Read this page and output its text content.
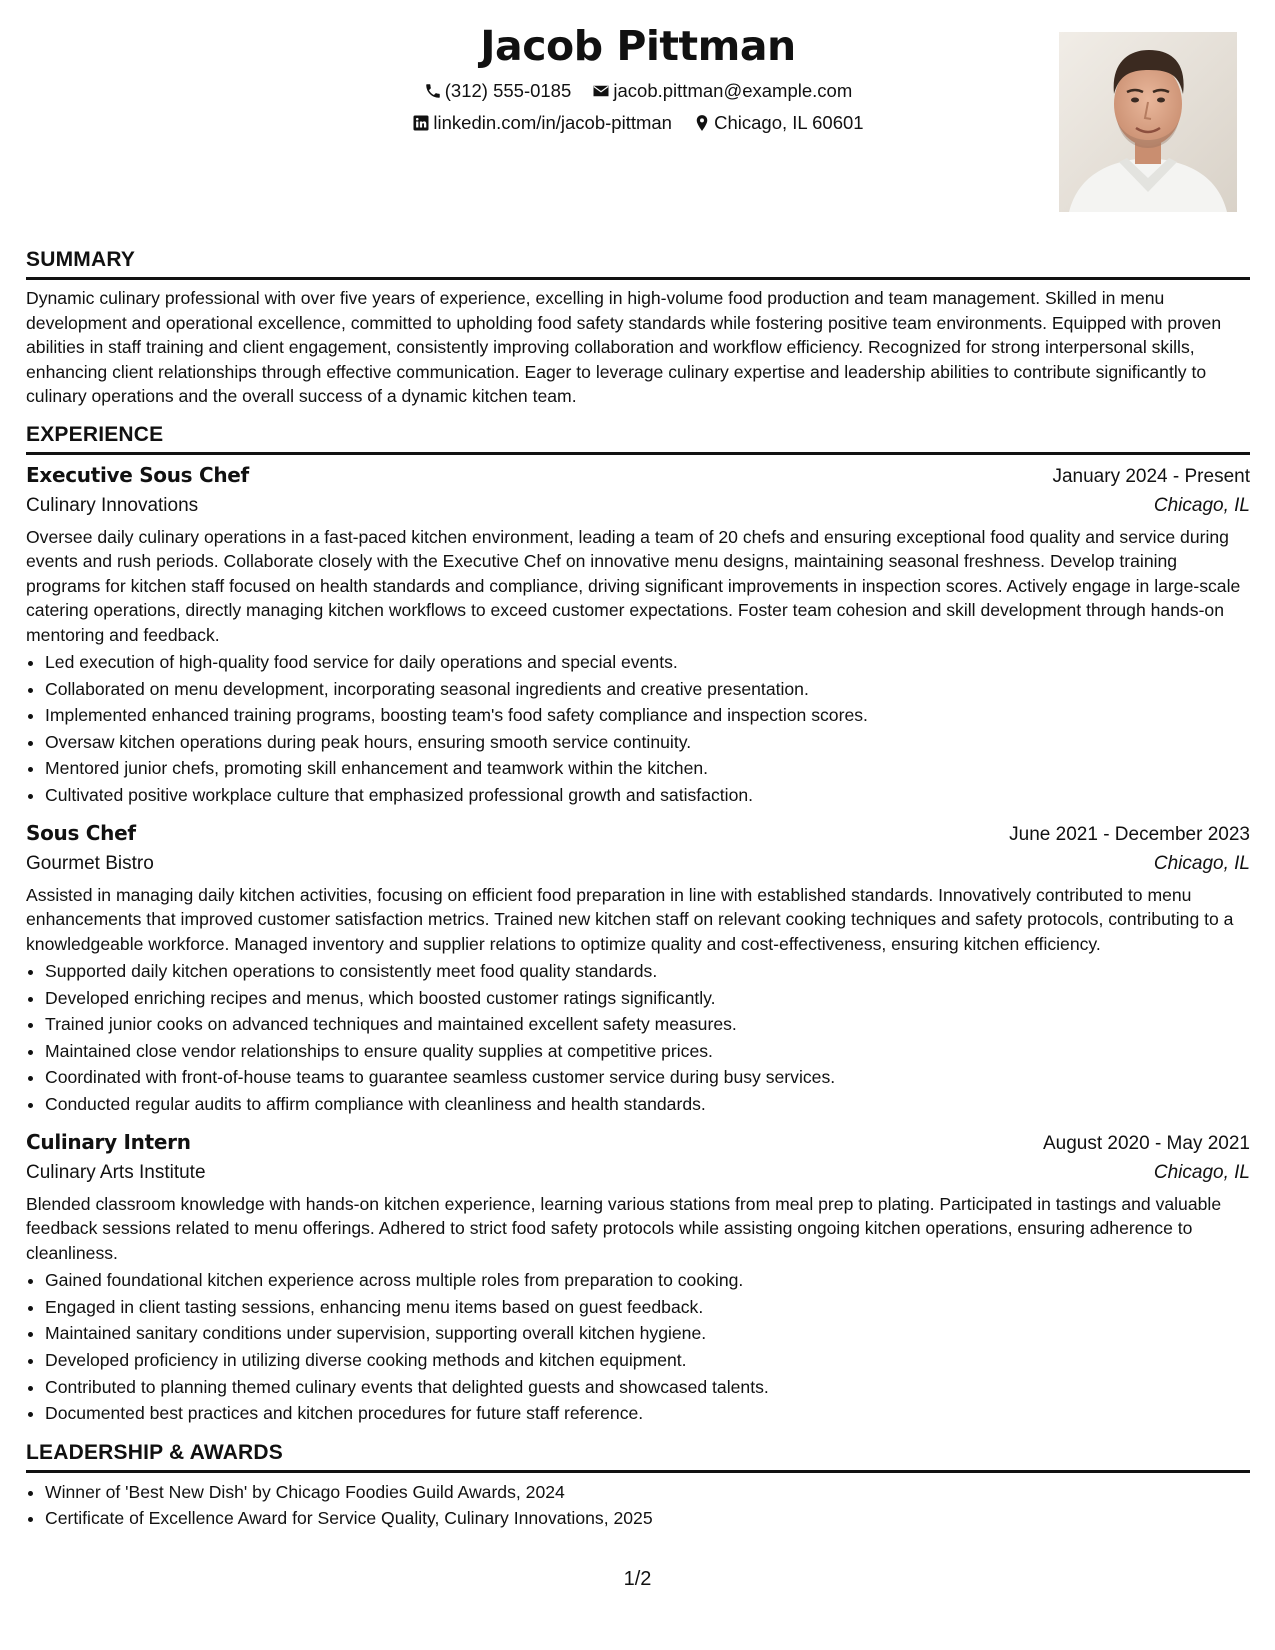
Jacob Pittman
(312) 555-0185
jacob.pittman@example.com
linkedin.com/in/jacob-pittman
Chicago, IL 60601
SUMMARY
Dynamic culinary professional with over five years of experience, excelling in high-volume food production and team management. Skilled in menu development and operational excellence, committed to upholding food safety standards while fostering positive team environments. Equipped with proven abilities in staff training and client engagement, consistently improving collaboration and workflow efficiency. Recognized for strong interpersonal skills, enhancing client relationships through effective communication. Eager to leverage culinary expertise and leadership abilities to contribute significantly to culinary operations and the overall success of a dynamic kitchen team.
EXPERIENCE
Executive Sous Chef	January 2024 - Present
Culinary Innovations	Chicago, IL
Oversee daily culinary operations in a fast-paced kitchen environment, leading a team of 20 chefs and ensuring exceptional food quality and service during events and rush periods. Collaborate closely with the Executive Chef on innovative menu designs, maintaining seasonal freshness. Develop training programs for kitchen staff focused on health standards and compliance, driving significant improvements in inspection scores. Actively engage in large-scale catering operations, directly managing kitchen workflows to exceed customer expectations. Foster team cohesion and skill development through hands-on mentoring and feedback.
• Led execution of high-quality food service for daily operations and special events.
• Collaborated on menu development, incorporating seasonal ingredients and creative presentation.
• Implemented enhanced training programs, boosting team's food safety compliance and inspection scores.
• Oversaw kitchen operations during peak hours, ensuring smooth service continuity.
• Mentored junior chefs, promoting skill enhancement and teamwork within the kitchen.
• Cultivated positive workplace culture that emphasized professional growth and satisfaction.
Sous Chef	June 2021 - December 2023
Gourmet Bistro	Chicago, IL
Assisted in managing daily kitchen activities, focusing on efficient food preparation in line with established standards. Innovatively contributed to menu enhancements that improved customer satisfaction metrics. Trained new kitchen staff on relevant cooking techniques and safety protocols, contributing to a knowledgeable workforce. Managed inventory and supplier relations to optimize quality and cost-effectiveness, ensuring kitchen efficiency.
• Supported daily kitchen operations to consistently meet food quality standards.
• Developed enriching recipes and menus, which boosted customer ratings significantly.
• Trained junior cooks on advanced techniques and maintained excellent safety measures.
• Maintained close vendor relationships to ensure quality supplies at competitive prices.
• Coordinated with front-of-house teams to guarantee seamless customer service during busy services.
• Conducted regular audits to affirm compliance with cleanliness and health standards.
Culinary Intern	August 2020 - May 2021
Culinary Arts Institute	Chicago, IL
Blended classroom knowledge with hands-on kitchen experience, learning various stations from meal prep to plating. Participated in tastings and valuable feedback sessions related to menu offerings. Adhered to strict food safety protocols while assisting ongoing kitchen operations, ensuring adherence to cleanliness.
• Gained foundational kitchen experience across multiple roles from preparation to cooking.
• Engaged in client tasting sessions, enhancing menu items based on guest feedback.
• Maintained sanitary conditions under supervision, supporting overall kitchen hygiene.
• Developed proficiency in utilizing diverse cooking methods and kitchen equipment.
• Contributed to planning themed culinary events that delighted guests and showcased talents.
• Documented best practices and kitchen procedures for future staff reference.
LEADERSHIP & AWARDS
• Winner of 'Best New Dish' by Chicago Foodies Guild Awards, 2024
• Certificate of Excellence Award for Service Quality, Culinary Innovations, 2025
1/2
